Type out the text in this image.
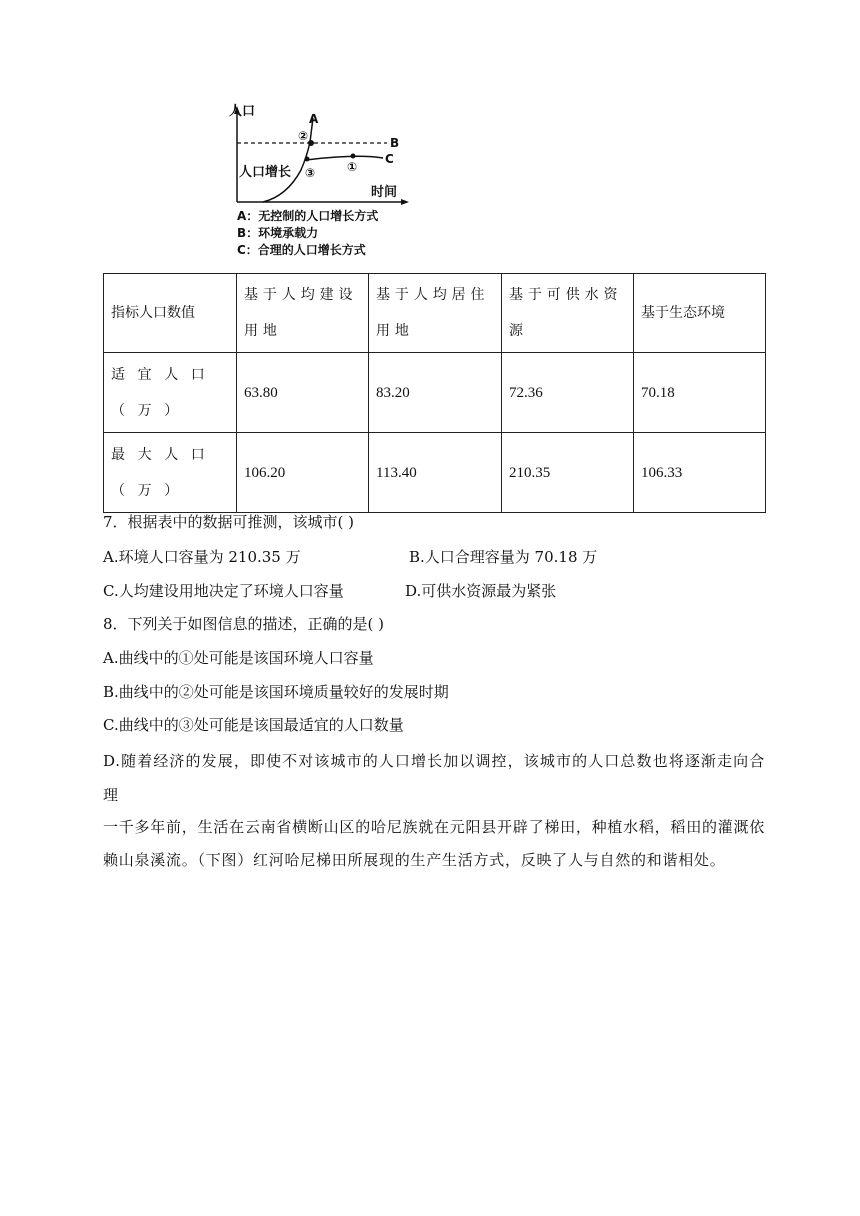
人口	A
B
C
②
③	①
人口增长
时间
A：无控制的人口增长方式
B：环境承载力
C：合理的人口增长方式
指标人口数值	基于人均建设用地	基于人均居住用地	基于可供水资源	基于生态环境
适宜人口（万）	63.80	83.20	72.36	70.18
最大人口（万）	106.20	113.40	210.35	106.33
7．根据表中的数据可推测，该城市( )
A.环境人口容量为 210.35 万	B.人口合理容量为 70.18 万
C.人均建设用地决定了环境人口容量	D.可供水资源最为紧张
8．下列关于如图信息的描述，正确的是( )
A.曲线中的①处可能是该国环境人口容量
B.曲线中的②处可能是该国环境质量较好的发展时期
C.曲线中的③处可能是该国最适宜的人口数量
D.随着经济的发展，即使不对该城市的人口增长加以调控，该城市的人口总数也将逐渐走向合理
一千多年前，生活在云南省横断山区的哈尼族就在元阳县开辟了梯田，种植水稻，稻田的灌溉依赖山泉溪流。（下图）红河哈尼梯田所展现的生产生活方式，反映了人与自然的和谐相处。
